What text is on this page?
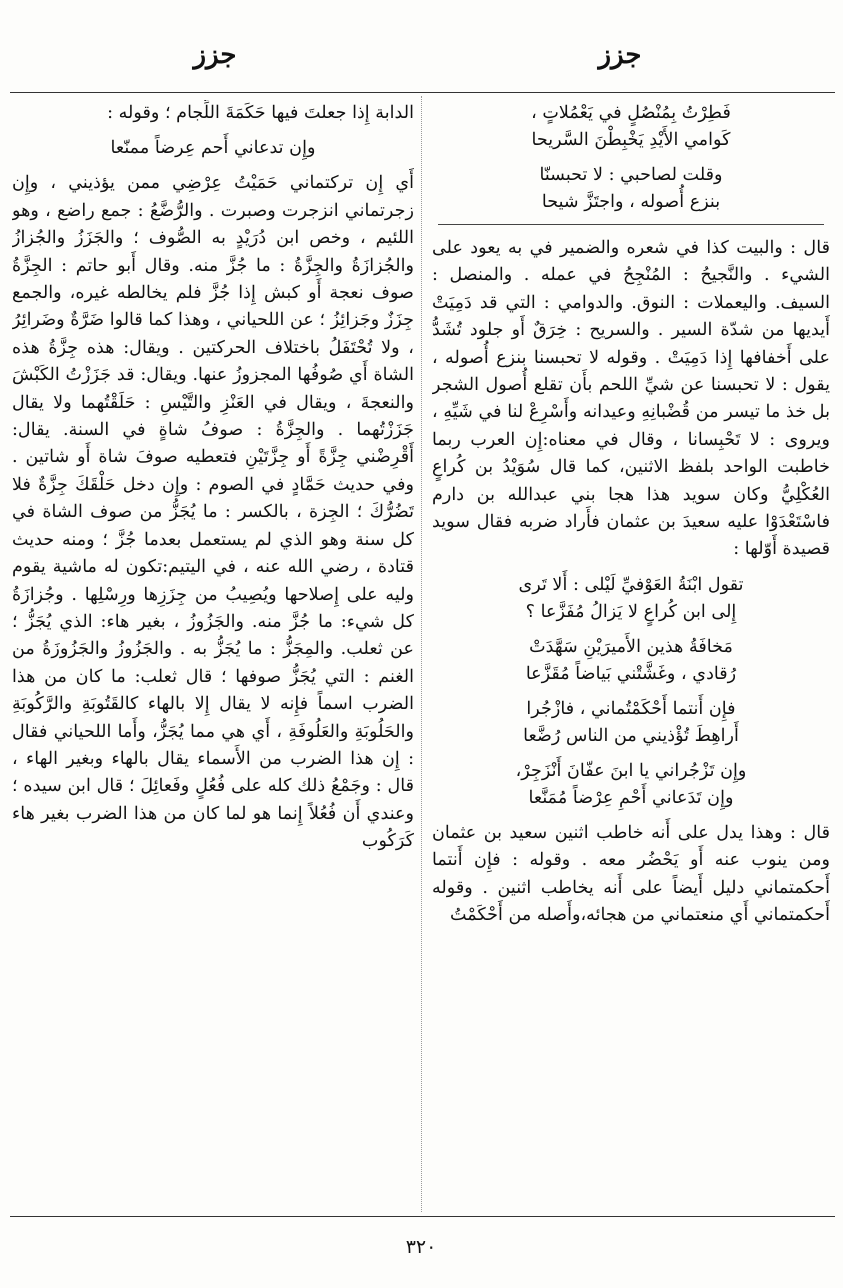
جزز
جزز
فَطِرْتُ بِمُنْصُلٍ في يَعْمُلاتٍ ،
كَوامي الأَيْدِ يَخْبِطْنَ السَّريحا
وقلت لصاحبي : لا تحبسنّا
بنزع أُصوله ، واجتَزَّ شيحا

قال : والبيت كذا في شعره والضمير في به يعود على الشيء . والنَّجيحُ : المُنْجِحُ في عمله . والمنصل : السيف. واليعملات : النوق. والدوامي : التي قد دَمِيَتْ أَيديها من شدّة السير . والسريح : خِرَقٌ أَو جلود تُشَدُّ على أَخفافها إِذا دَمِيَتْ . وقوله لا تحبسنا بنزع أُصوله ، يقول : لا تحبسنا عن شيِّ اللحم بأَن تقلع أُصول الشجر بل خذ ما تيسر من قُضْبانِهِ وعيدانه وأَسْرِعْ لنا في شَيِّهِ ، ويروى : لا تَحْبِسانا ، وقال في معناه:إِن العرب ربما خاطبت الواحد بلفظ الاثنين، كما قال سُوَيْدُ بن كُراعٍ العُكْلِيُّ وكان سويد هذا هجا بني عبدالله بن دارم فاسْتَعْدَوْا عليه سعيدَ بن عثمان فأَراد ضربه فقال سويد قصيدة أَوّلها :

تقول ابْنَةُ العَوْفيِّ لَيْلى : أَلا تَرى
إِلى ابن كُراعٍ لا يَزالُ مُفَزَّعا ؟
مَخافَةُ هذين الأَميرَيْنِ سَهَّدَتْ
رُقادي ، وغَشَّتْني بَياضاً مُقَزَّعا
فإِن أَنتما أَحْكَمْتُماني ، فازْجُرا
أَراهِطَ تُؤْذيني من الناس رُضَّعا
وإِن تَزْجُراني يا ابنَ عفّانَ أَنْزَجِرْ،
وإِن تَدَعاني أَحْمِ عِرْضاً مُمَنَّعا

قال : وهذا يدل على أَنه خاطب اثنين سعيد بن عثمان ومن ينوب عنه أَو يَحْضُر معه . وقوله : فإِن أَنتما أَحكمتماني دليل أَيضاً على أَنه يخاطب اثنين . وقوله أَحكمتماني أَي منعتماني من هجائه،وأَصله من أَحْكَمْتُ

الدابة إِذا جعلتَ فيها حَكَمَةَ اللِّجام ؛ وقوله :

وإِن تدعاني أَحم عِرضاً ممنّعا

أَي إِن تركتماني حَمَيْتُ عِرْضِي ممن يؤذيني ، وإِن زجرتماني انزجرت وصبرت . والرُّضَّعُ : جمع راضع ، وهو اللئيم ، وخص ابن دُرَيْدٍ به الصُّوف ؛ والجَزَزُ والجُزازُ والجُزازَةُ والجِزَّةُ : ما جُزَّ منه. وقال أَبو حاتم : الجِزَّةُ صوف نعجة أَو كبش إِذا جُزَّ فلم يخالطه غيره، والجمع جِزَزٌ وجَزائِزُ ؛ عن اللحياني ، وهذا كما قالوا ضَرَّةٌ وضَرائِرُ ، ولا تُحْتَفَلُ باختلاف الحركتين . ويقال: هذه جِزَّةُ هذه الشاة أَي صُوفُها المجزوزُ عنها. ويقال: قد جَزَزْتُ الكَبْشَ والنعجةَ ، ويقال في العَنْزِ والتَّيْسِ : حَلَقْتُهما ولا يقال جَزَزْتُهما . والجِزَّةُ : صوفُ شاةٍ في السنة. يقال: أَقْرِضْني جِزَّةً أَو جِزَّتَيْنِ فتعطيه صوفَ شاة أَو شاتين . وفي حديث حَمَّادٍ في الصوم : وإِن دخل حَلْقَكَ جِزَّةٌ فلا تَضُرُّكَ ؛ الجِزة ، بالكسر : ما يُجَزُّ من صوف الشاة في كل سنة وهو الذي لم يستعمل بعدما جُزَّ ؛ ومنه حديث قتادة ، رضي الله عنه ، في اليتيم:تكون له ماشية يقوم وليه على إِصلاحها ويُصِيبُ من جِزَزِها ورِسْلِها . وجُزازَةُ كل شيء: ما جُزَّ منه. والجَزُوزُ ، بغير هاء: الذي يُجَزُّ ؛ عن ثعلب. والمِجَزُّ : ما يُجَزُّ به . والجَزُوزُ والجَزُوزَةُ من الغنم : التي يُجَزُّ صوفها ؛ قال ثعلب: ما كان من هذا الضرب اسماً فإِنه لا يقال إِلا بالهاء كالقَتُوبَةِ والرَّكُوبَةِ والحَلُوبَةِ والعَلُوفَةِ ، أَي هي مما يُجَزُّ، وأَما اللحياني فقال : إِن هذا الضرب من الأَسماء يقال بالهاء وبغير الهاء ، قال : وجَمْعُ ذلك كله على فُعُلٍ وفَعائِلَ ؛ قال ابن سيده ؛ وعندي أَن فُعُلاً إِنما هو لما كان من هذا الضرب بغير هاء كَرَكُوب

٣٢٠
